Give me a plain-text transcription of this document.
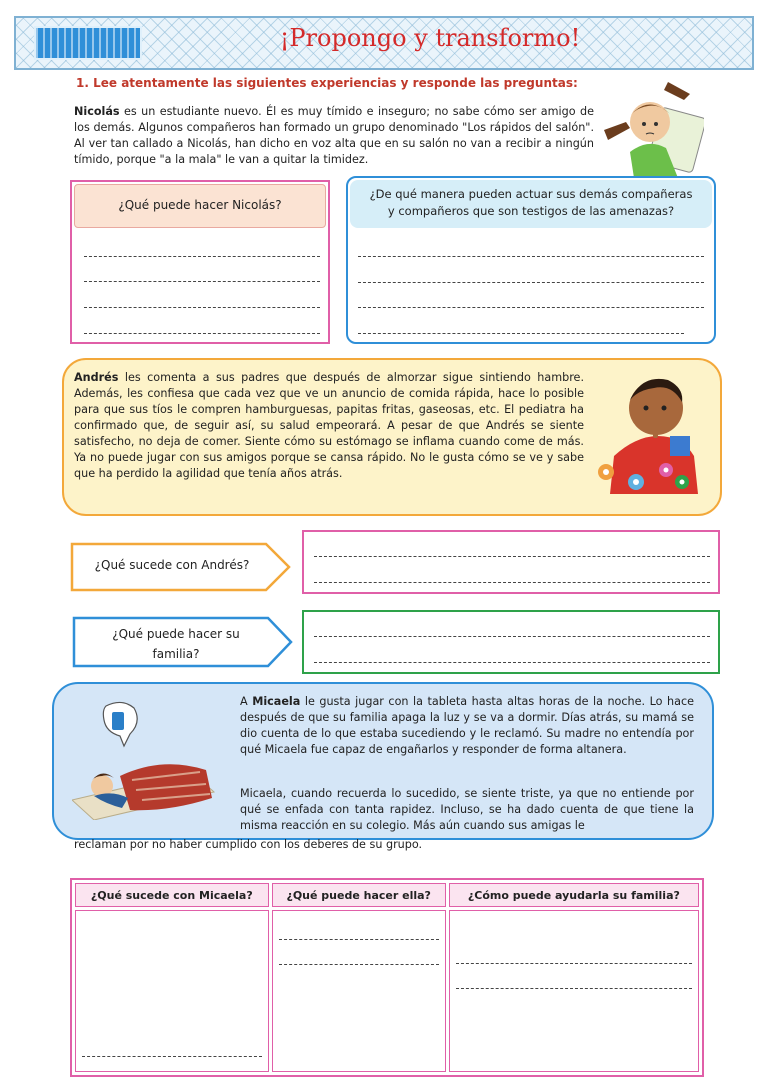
¡Propongo y transformo!
1. Lee atentamente las siguientes experiencias y responde las preguntas:
Nicolás es un estudiante nuevo. Él es muy tímido e inseguro; no sabe cómo ser amigo de los demás. Algunos compañeros han formado un grupo denominado "Los rápidos del salón". Al ver tan callado a Nicolás, han dicho en voz alta que en su salón no van a recibir a ningún tímido, porque "a la mala" le van a quitar la timidez.
¿Qué puede hacer Nicolás?
¿De qué manera pueden actuar sus demás compañeras
y compañeros que son testigos de las amenazas?
Andrés les comenta a sus padres que después de almorzar sigue sintiendo hambre. Además, les confiesa que cada vez que ve un anuncio de comida rápida, hace lo posible para que sus tíos le compren hamburguesas, papitas fritas, gaseosas, etc. El pediatra ha confirmado que, de seguir así, su salud empeorará. A pesar de que Andrés se siente satisfecho, no deja de comer. Siente cómo su estómago se inflama cuando come de más. Ya no puede jugar con sus amigos porque se cansa rápido. No le gusta cómo se ve y sabe que ha perdido la agilidad que tenía años atrás.
¿Qué sucede con Andrés?
¿Qué puede hacer su
familia?
A Micaela le gusta jugar con la tableta hasta altas horas de la noche. Lo hace después de que su familia apaga la luz y se va a dormir. Días atrás, su mamá se dio cuenta de lo que estaba sucediendo y le reclamó. Su madre no entendía por qué Micaela fue capaz de engañarlos y responder de forma altanera.
Micaela, cuando recuerda lo sucedido, se siente triste, ya que no entiende por qué se enfada con tanta rapidez. Incluso, se ha dado cuenta de que tiene la misma reacción en su colegio. Más aún cuando sus amigas le
reclaman por no haber cumplido con los deberes de su grupo.
¿Qué sucede con Micaela?	¿Qué puede hacer ella?	¿Cómo puede ayudarla su familia?
